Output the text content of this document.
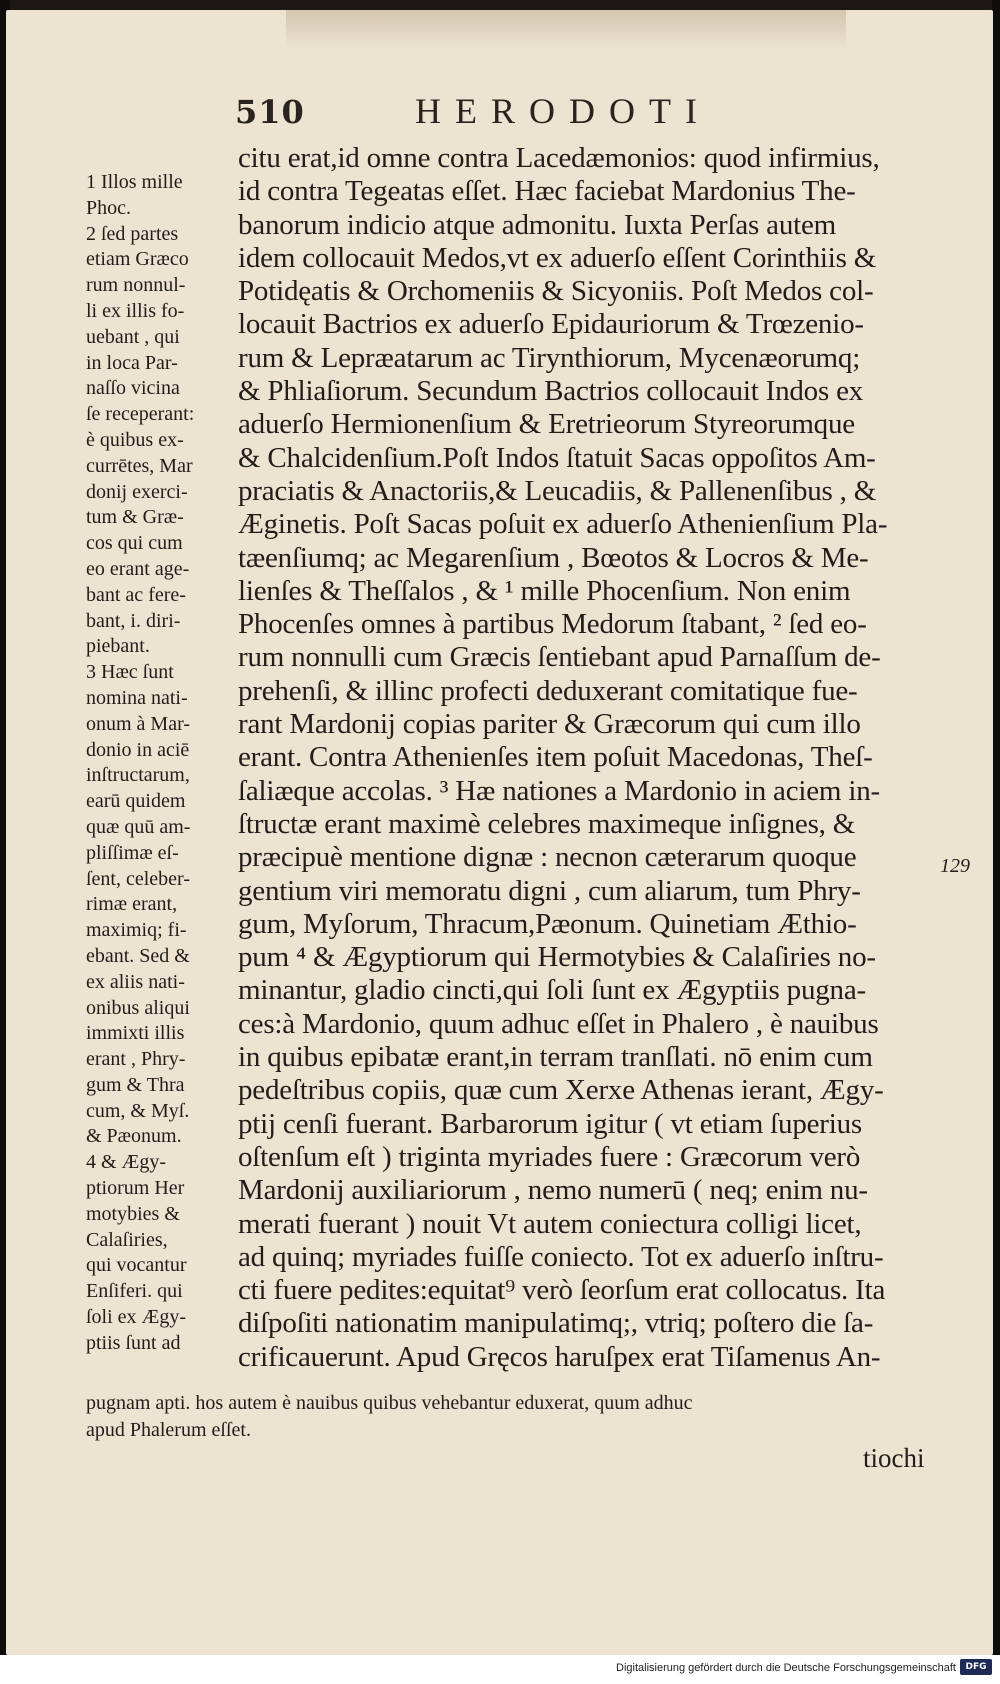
510	HERODOTI
citu erat,id omne contra Lacedæmonios: quod infirmius,
id contra Tegeatas eſſet. Hæc faciebat Mardonius The-
banorum indicio atque admonitu. Iuxta Perſas autem
idem collocauit Medos,vt ex aduerſo eſſent Corinthiis &
Potidęatis & Orchomeniis & Sicyoniis. Poſt Medos col-
locauit Bactrios ex aduerſo Epidauriorum & Trœzenio-
rum & Lepræatarum ac Tirynthiorum, Mycenæorumq;
& Phliaſiorum. Secundum Bactrios collocauit Indos ex
aduerſo Hermionenſium & Eretrieorum Styreorumque
& Chalcidenſium.Poſt Indos ſtatuit Sacas oppoſitos Am-
praciatis & Anactoriis,& Leucadiis, & Pallenenſibus , &
Æginetis. Poſt Sacas poſuit ex aduerſo Athenienſium Pla-
tæenſiumq; ac Megarenſium , Bœotos & Locros & Me-
lienſes & Theſſalos , & ¹ mille Phocenſium. Non enim
Phocenſes omnes à partibus Medorum ſtabant, ² ſed eo-
rum nonnulli cum Græcis ſentiebant apud Parnaſſum de-
prehenſi, & illinc profecti deduxerant comitatique fue-
rant Mardonij copias pariter & Græcorum qui cum illo
erant. Contra Athenienſes item poſuit Macedonas, Theſ-
ſaliæque accolas. ³ Hæ nationes a Mardonio in aciem in-
ſtructæ erant maximè celebres maximeque inſignes, &
præcipuè mentione dignæ : necnon cæterarum quoque
gentium viri memoratu digni , cum aliarum, tum Phry-
gum, Myſorum, Thracum,Pæonum. Quinetiam Æthio-
pum ⁴ & Ægyptiorum qui Hermotybies & Calaſiries no-
minantur, gladio cincti,qui ſoli ſunt ex Ægyptiis pugna-
ces:à Mardonio, quum adhuc eſſet in Phalero , è nauibus
in quibus epibatæ erant,in terram tranſlati. nō enim cum
pedeſtribus copiis, quæ cum Xerxe Athenas ierant, Ægy-
ptij cenſi fuerant. Barbarorum igitur ( vt etiam ſuperius
oſtenſum eſt ) triginta myriades fuere : Græcorum verò
Mardonij auxiliariorum , nemo numerū ( neq; enim nu-
merati fuerant ) nouit Vt autem coniectura colligi licet,
ad quinq; myriades fuiſſe coniecto. Tot ex aduerſo inſtru-
cti fuere pedites:equitat⁹ verò ſeorſum erat collocatus. Ita
diſpoſiti nationatim manipulatimq;, vtriq; poſtero die ſa-
crificauerunt. Apud Gręcos haruſpex erat Tiſamenus An-
1 Illos mille
Phoc.
2 ſed partes
etiam Græco
rum nonnul-
li ex illis fo-
uebant , qui
in loca Par-
naſſo vicina
ſe receperant:
è quibus ex-
currētes, Mar
donij exerci-
tum & Græ-
cos qui cum
eo erant age-
bant ac fere-
bant, i. diri-
piebant.
3 Hæc ſunt
nomina nati-
onum à Mar-
donio in aciē
inſtructarum,
earū quidem
quæ quū am-
pliſſimæ eſ-
ſent, celeber-
rimæ erant,
maximiq; fi-
ebant. Sed &
ex aliis nati-
onibus aliqui
immixti illis
erant , Phry-
gum & Thra
cum, & Myſ.
& Pæonum.
4 & Ægy-
ptiorum Her
motybies &
Calaſiries,
qui vocantur
Enſiferi. qui
ſoli ex Ægy-
ptiis ſunt ad
pugnam apti. hos autem è nauibus quibus vehebantur eduxerat, quum adhuc
apud Phalerum eſſet.
129
tiochi
Digitalisierung gefördert durch die Deutsche Forschungsgemeinschaft	DFG
